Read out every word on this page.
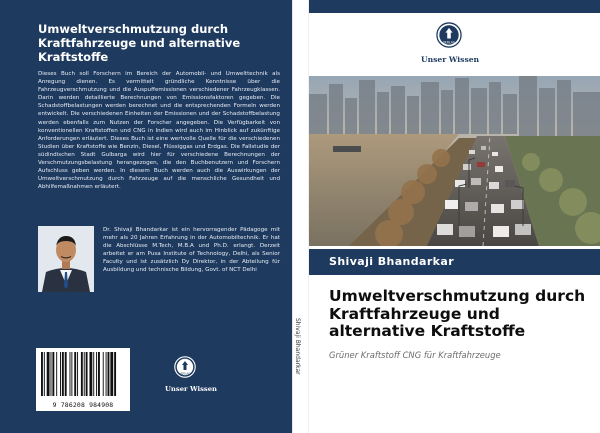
Umweltverschmutzung durch Kraftfahrzeuge und alternative Kraftstoffe
Dieses Buch soll Forschern im Bereich der Automobil- und Umwelttechnik als Anregung dienen. Es vermittelt gründliche Kenntnisse über die Fahrzeugverschmutzung und die Auspuffemissionen verschiedener Fahrzeugklassen. Darin werden detaillierte Berechnungen von Emissionsfaktoren gegeben. Die Schadstoffbelastungen werden berechnet und die entsprechenden Formeln werden entwickelt. Die verschiedenen Einheiten der Emissionen und der Schadstoffbelastung werden ebenfalls zum Nutzen der Forscher angegeben. Die Verfügbarkeit von konventionellen Kraftstoffen und CNG in Indien wird auch im Hinblick auf zukünftige Anforderungen erläutert. Dieses Buch ist eine wertvolle Quelle für die verschiedenen Studien über Kraftstoffe wie Benzin, Diesel, Flüssiggas und Erdgas. Die Fallstudie der südindischen Stadt Gulbarga wird hier für verschiedene Berechnungen der Verschmutzungsbelastung herangezogen, die den Buchbenutzern und Forschern Aufschluss geben werden. In diesem Buch werden auch die Auswirkungen der Umweltverschmutzung durch Fahrzeuge auf die menschliche Gesundheit und Abhilfemaßnahmen erläutert.
Dr. Shivaji Bhandarkar ist ein hervorragender Pädagoge mit mehr als 20 Jahren Erfahrung in der Automobiltechnik. Er hat die Abschlüsse M.Tech, M.B.A und Ph.D. erlangt. Derzeit arbeitet er am Pusa Institute of Technology, Delhi, als Senior Faculty und ist zusätzlich Dy Direktor, in der Abteilung für Ausbildung und technische Bildung, Govt. of NCT Delhi
9 786208 984908
VERLAG
Unser Wissen
Shivaji Bhandarkar
VERLAG
Unser Wissen
Shivaji Bhandarkar
Umweltverschmutzung durch Kraftfahrzeuge und alternative Kraftstoffe
Grüner Kraftstoff CNG für Kraftfahrzeuge
